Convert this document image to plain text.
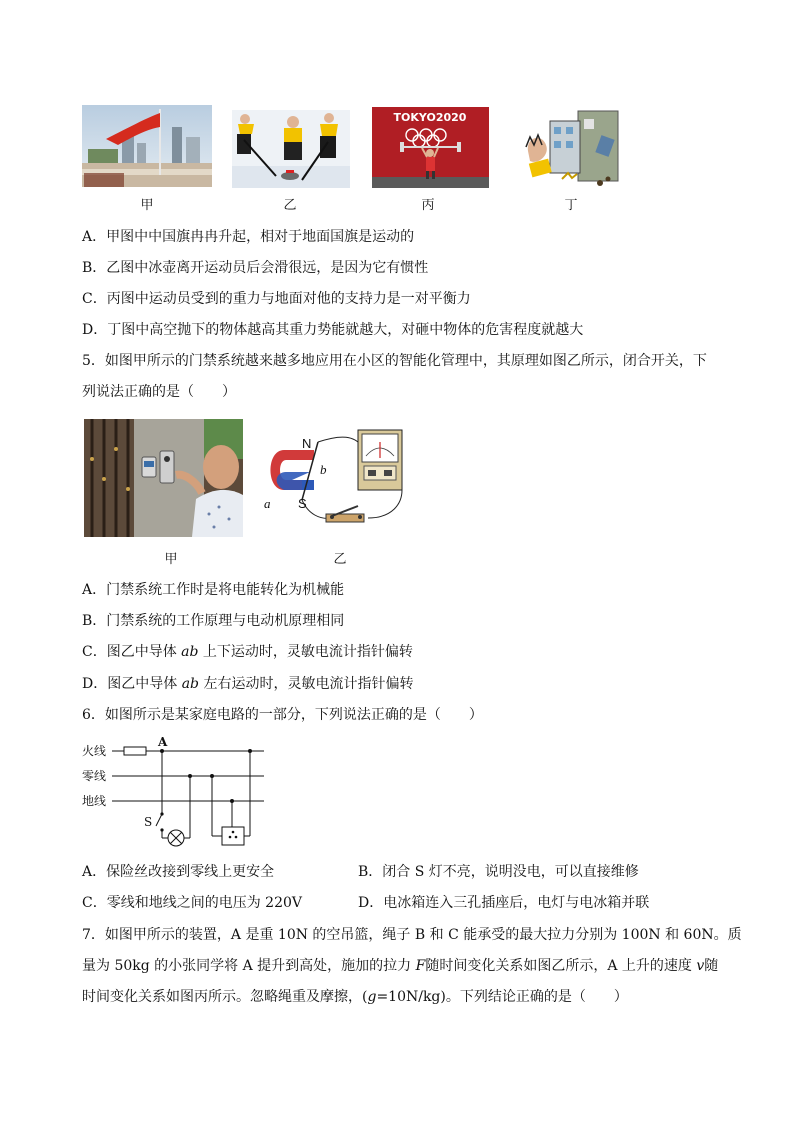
TOKYO2020
甲	乙	丙	丁
A．甲图中中国旗冉冉升起，相对于地面国旗是运动的
B．乙图中冰壶离开运动员后会滑很远，是因为它有惯性
C．丙图中运动员受到的重力与地面对他的支持力是一对平衡力
D．丁图中高空抛下的物体越高其重力势能就越大，对砸中物体的危害程度就越大
5．如图甲所示的门禁系统越来越多地应用在小区的智能化管理中，其原理如图乙所示，闭合开关，下
列说法正确的是（　　）
N
S
b
a
甲	乙
A．门禁系统工作时是将电能转化为机械能
B．门禁系统的工作原理与电动机原理相同
C．图乙中导体 ab 上下运动时，灵敏电流计指针偏转
D．图乙中导体 ab 左右运动时，灵敏电流计指针偏转
6．如图所示是某家庭电路的一部分，下列说法正确的是（　　）
火线
零线
地线
A
S
A．保险丝改接到零线上更安全	B．闭合 S 灯不亮，说明没电，可以直接维修
C．零线和地线之间的电压为 220V	D．电冰箱连入三孔插座后，电灯与电冰箱并联
7．如图甲所示的装置，A 是重 10N 的空吊篮，绳子 B 和 C 能承受的最大拉力分别为 100N 和 60N。质
量为 50kg 的小张同学将 A 提升到高处，施加的拉力 F随时间变化关系如图乙所示，A 上升的速度 v随
时间变化关系如图丙所示。忽略绳重及摩擦，(g=10N/kg)。下列结论正确的是（　　）
